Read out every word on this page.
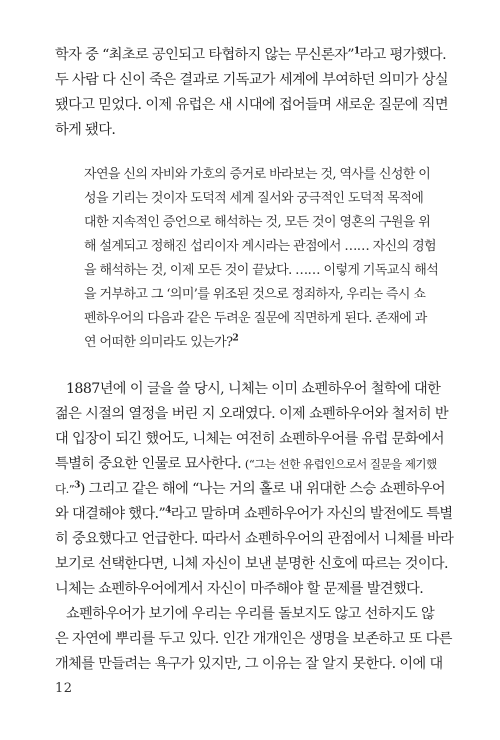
학자 중 “최초로 공인되고 타협하지 않는 무신론자”$^1$라고 평가했다.
두 사람 다 신이 죽은 결과로 기독교가 세계에 부여하던 의미가 상실
됐다고 믿었다. 이제 유럽은 새 시대에 접어들며 새로운 질문에 직면
하게 됐다.
자연을 신의 자비와 가호의 증거로 바라보는 것, 역사를 신성한 이
성을 기리는 것이자 도덕적 세계 질서와 궁극적인 도덕적 목적에
대한 지속적인 증언으로 해석하는 것, 모든 것이 영혼의 구원을 위
해 설계되고 정해진 섭리이자 계시라는 관점에서 …… 자신의 경험
을 해석하는 것, 이제 모든 것이 끝났다. …… 이렇게 기독교식 해석
을 거부하고 그 ‘의미’를 위조된 것으로 정죄하자, 우리는 즉시 쇼
펜하우어의 다음과 같은 두려운 질문에 직면하게 된다. 존재에 과
연 어떠한 의미라도 있는가?$^2$
1887년에 이 글을 쓸 당시, 니체는 이미 쇼펜하우어 철학에 대한
젊은 시절의 열정을 버린 지 오래였다. 이제 쇼펜하우어와 철저히 반
대 입장이 되긴 했어도, 니체는 여전히 쇼펜하우어를 유럽 문화에서
특별히 중요한 인물로 묘사한다. (“그는 선한 유럽인으로서 질문을 제기했
다.”$^3$) 그리고 같은 해에 “나는 거의 홀로 내 위대한 스승 쇼펜하우어
와 대결해야 했다.”$^4$라고 말하며 쇼펜하우어가 자신의 발전에도 특별
히 중요했다고 언급한다. 따라서 쇼펜하우어의 관점에서 니체를 바라
보기로 선택한다면, 니체 자신이 보낸 분명한 신호에 따르는 것이다.
니체는 쇼펜하우어에게서 자신이 마주해야 할 문제를 발견했다.
쇼펜하우어가 보기에 우리는 우리를 돌보지도 않고 선하지도 않
은 자연에 뿌리를 두고 있다. 인간 개개인은 생명을 보존하고 또 다른
개체를 만들려는 욕구가 있지만, 그 이유는 잘 알지 못한다. 이에 대
12
